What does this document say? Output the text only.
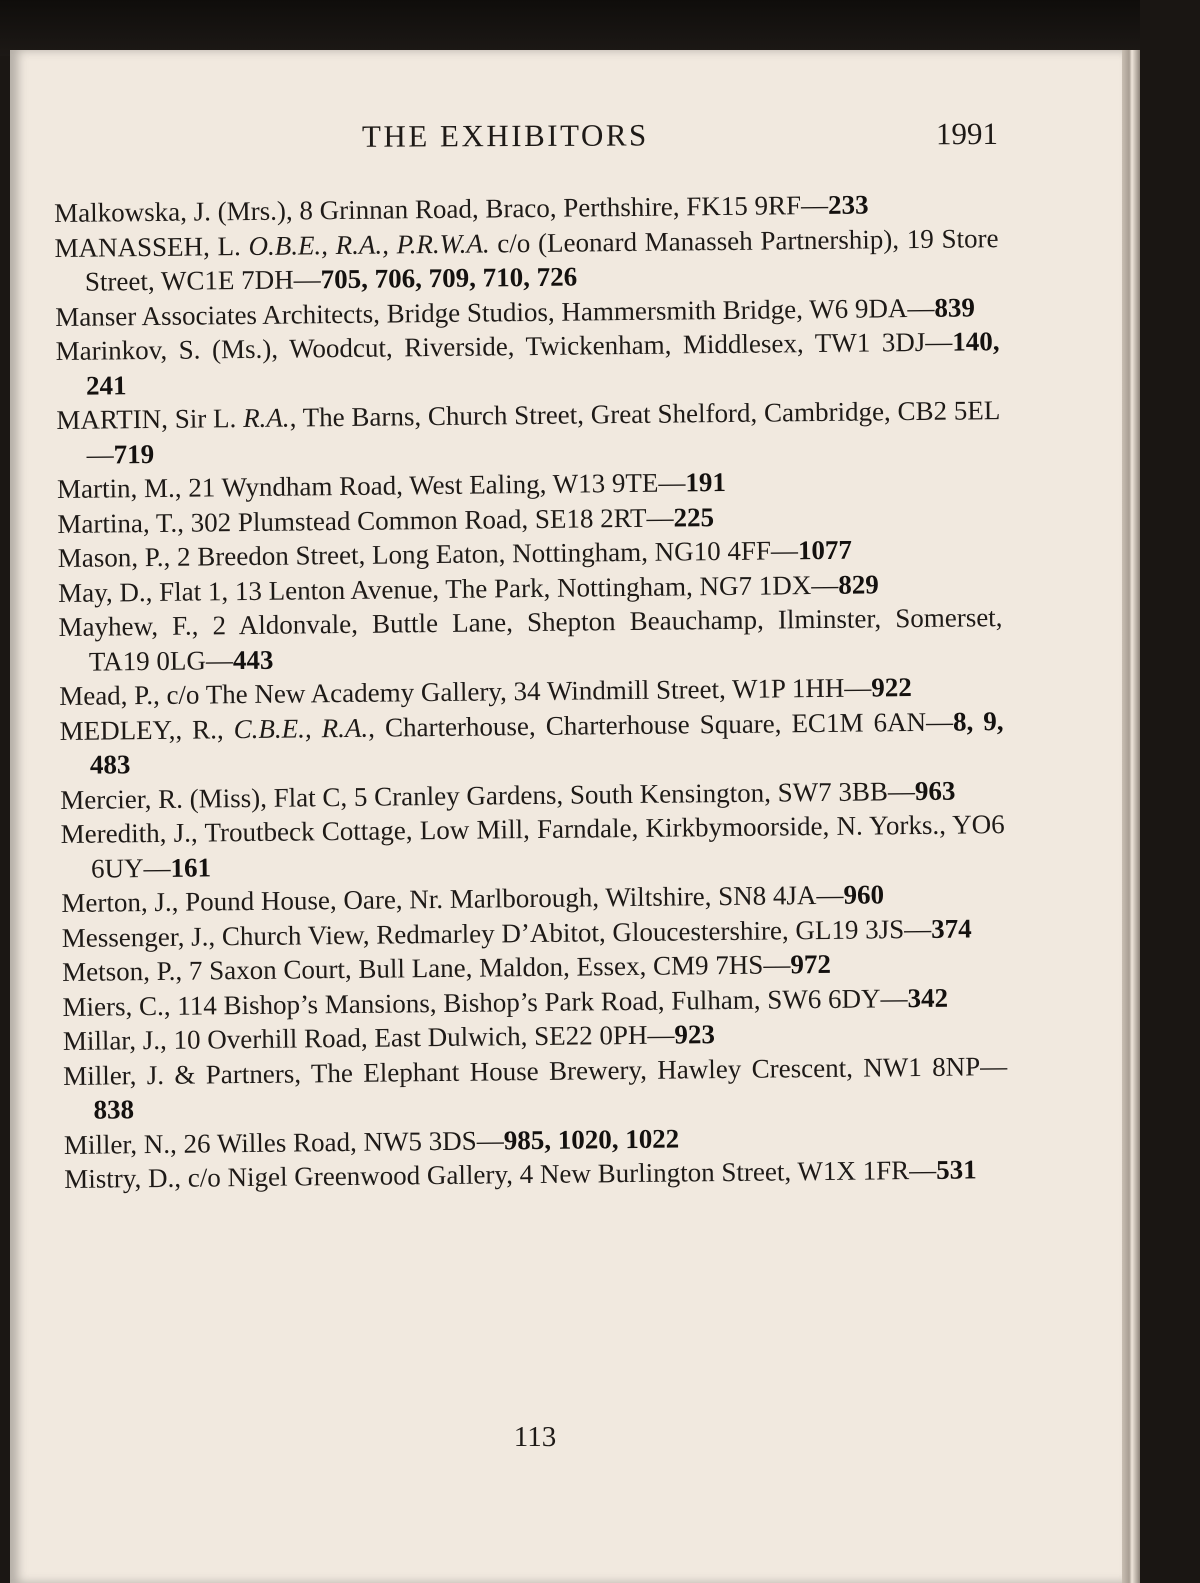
THE EXHIBITORS	1991
Malkowska, J. (Mrs.), 8 Grinnan Road, Braco, Perthshire, FK15 9RF—233
MANASSEH, L. O.B.E., R.A., P.R.W.A. c/o (Leonard Manasseh Partnership), 19 Store Street, WC1E 7DH—705, 706, 709, 710, 726
Manser Associates Architects, Bridge Studios, Hammersmith Bridge, W6 9DA—839
Marinkov, S. (Ms.), Woodcut, Riverside, Twickenham, Middlesex, TW1 3DJ—140, 241
MARTIN, Sir L. R.A., The Barns, Church Street, Great Shelford, Cambridge, CB2 5EL—719
Martin, M., 21 Wyndham Road, West Ealing, W13 9TE—191
Martina, T., 302 Plumstead Common Road, SE18 2RT—225
Mason, P., 2 Breedon Street, Long Eaton, Nottingham, NG10 4FF—1077
May, D., Flat 1, 13 Lenton Avenue, The Park, Nottingham, NG7 1DX—829
Mayhew, F., 2 Aldonvale, Buttle Lane, Shepton Beauchamp, Ilminster, Somerset, TA19 0LG—443
Mead, P., c/o The New Academy Gallery, 34 Windmill Street, W1P 1HH—922
MEDLEY,, R., C.B.E., R.A., Charterhouse, Charterhouse Square, EC1M 6AN—8, 9, 483
Mercier, R. (Miss), Flat C, 5 Cranley Gardens, South Kensington, SW7 3BB—963
Meredith, J., Troutbeck Cottage, Low Mill, Farndale, Kirkbymoorside, N. Yorks., YO6 6UY—161
Merton, J., Pound House, Oare, Nr. Marlborough, Wiltshire, SN8 4JA—960
Messenger, J., Church View, Redmarley D’Abitot, Gloucestershire, GL19 3JS—374
Metson, P., 7 Saxon Court, Bull Lane, Maldon, Essex, CM9 7HS—972
Miers, C., 114 Bishop’s Mansions, Bishop’s Park Road, Fulham, SW6 6DY—342
Millar, J., 10 Overhill Road, East Dulwich, SE22 0PH—923
Miller, J. & Partners, The Elephant House Brewery, Hawley Crescent, NW1 8NP—838
Miller, N., 26 Willes Road, NW5 3DS—985, 1020, 1022
Mistry, D., c/o Nigel Greenwood Gallery, 4 New Burlington Street, W1X 1FR—531
113
